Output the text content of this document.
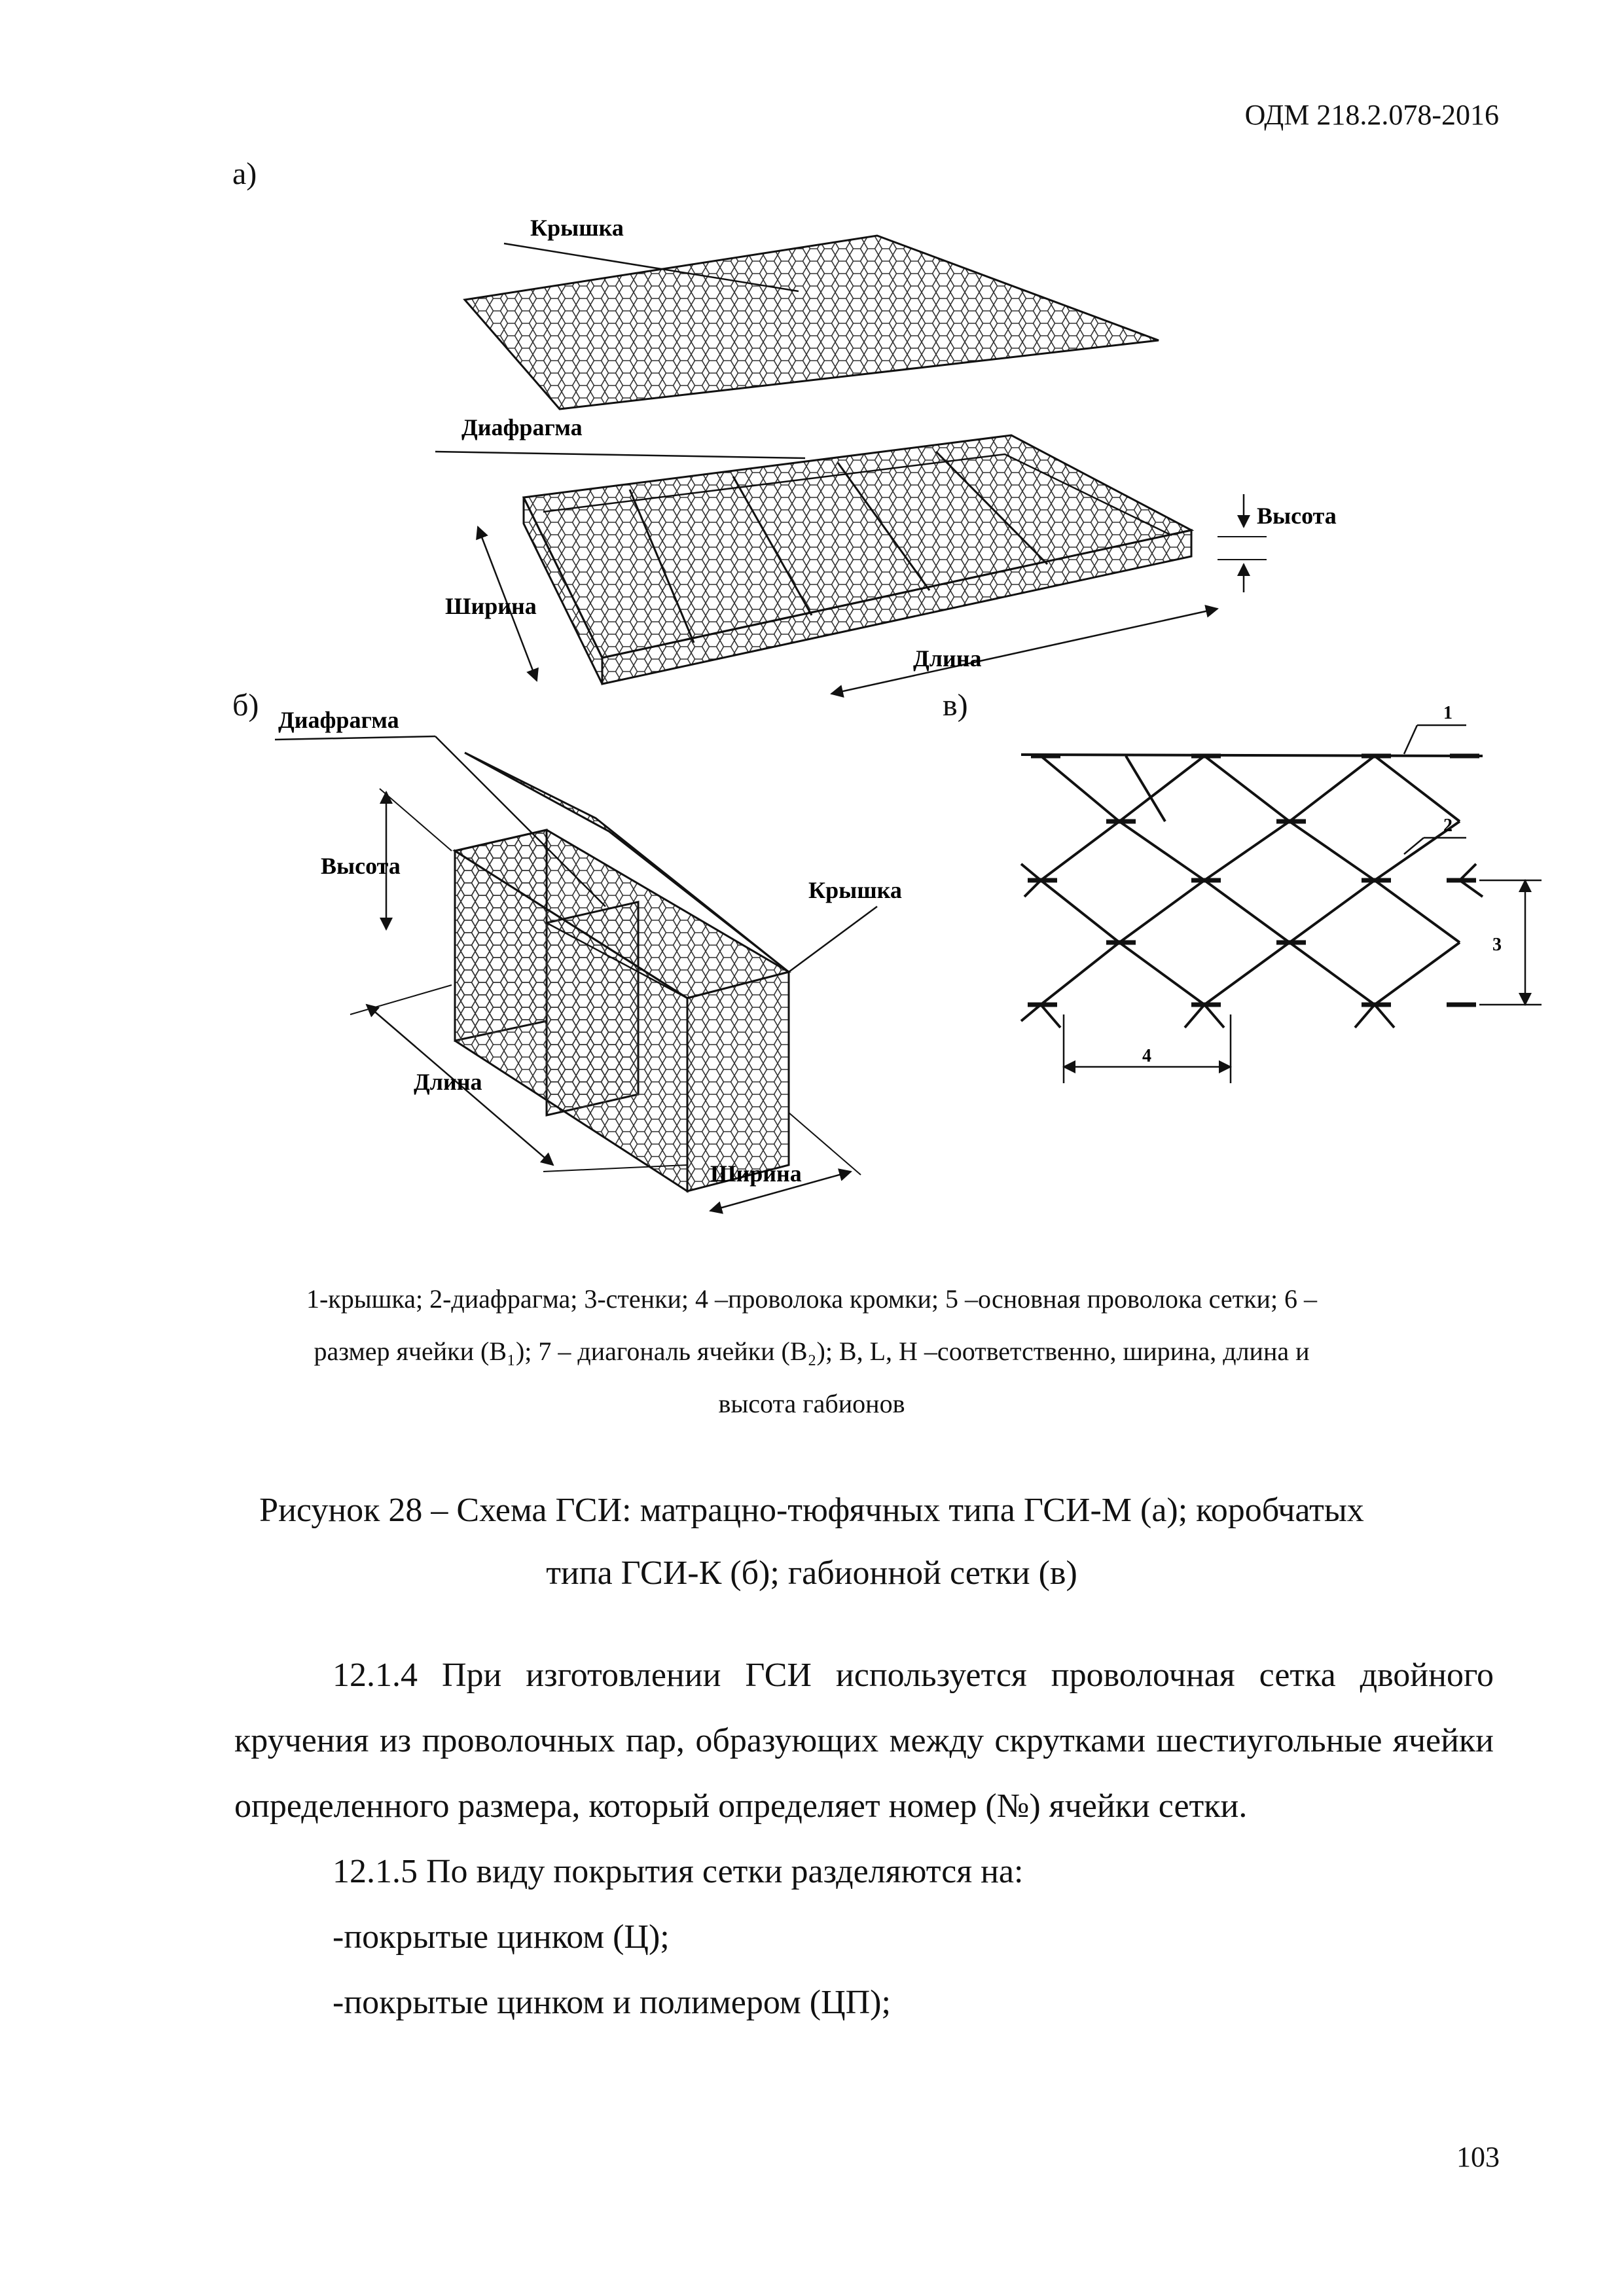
ОДМ 218.2.078-2016
а)
б)	в)
Крышка
Диафрагма
Высота
Ширина
Длина
Диафрагма
Высота
Крышка
Длина
Ширина
1
2
3
4
1-крышка; 2-диафрагма; 3-стенки; 4 –проволока кромки; 5 –основная проволока сетки; 6 –
размер ячейки (B₁); 7 – диагональ ячейки (B₂); B, L, H –соответственно, ширина, длина и
высота габионов
Рисунок 28 – Схема ГСИ: матрацно-тюфячных типа ГСИ-М (а); коробчатых
типа ГСИ-К (б); габионной сетки (в)

12.1.4 При изготовлении ГСИ используется проволочная сетка двойного кручения из проволочных пар, образующих между скрутками шестиугольные ячейки определенного размера, который определяет номер (№) ячейки сетки.

12.1.5 По виду покрытия сетки разделяются на:

-покрытые цинком (Ц);

-покрытые цинком и полимером (ЦП);

103
